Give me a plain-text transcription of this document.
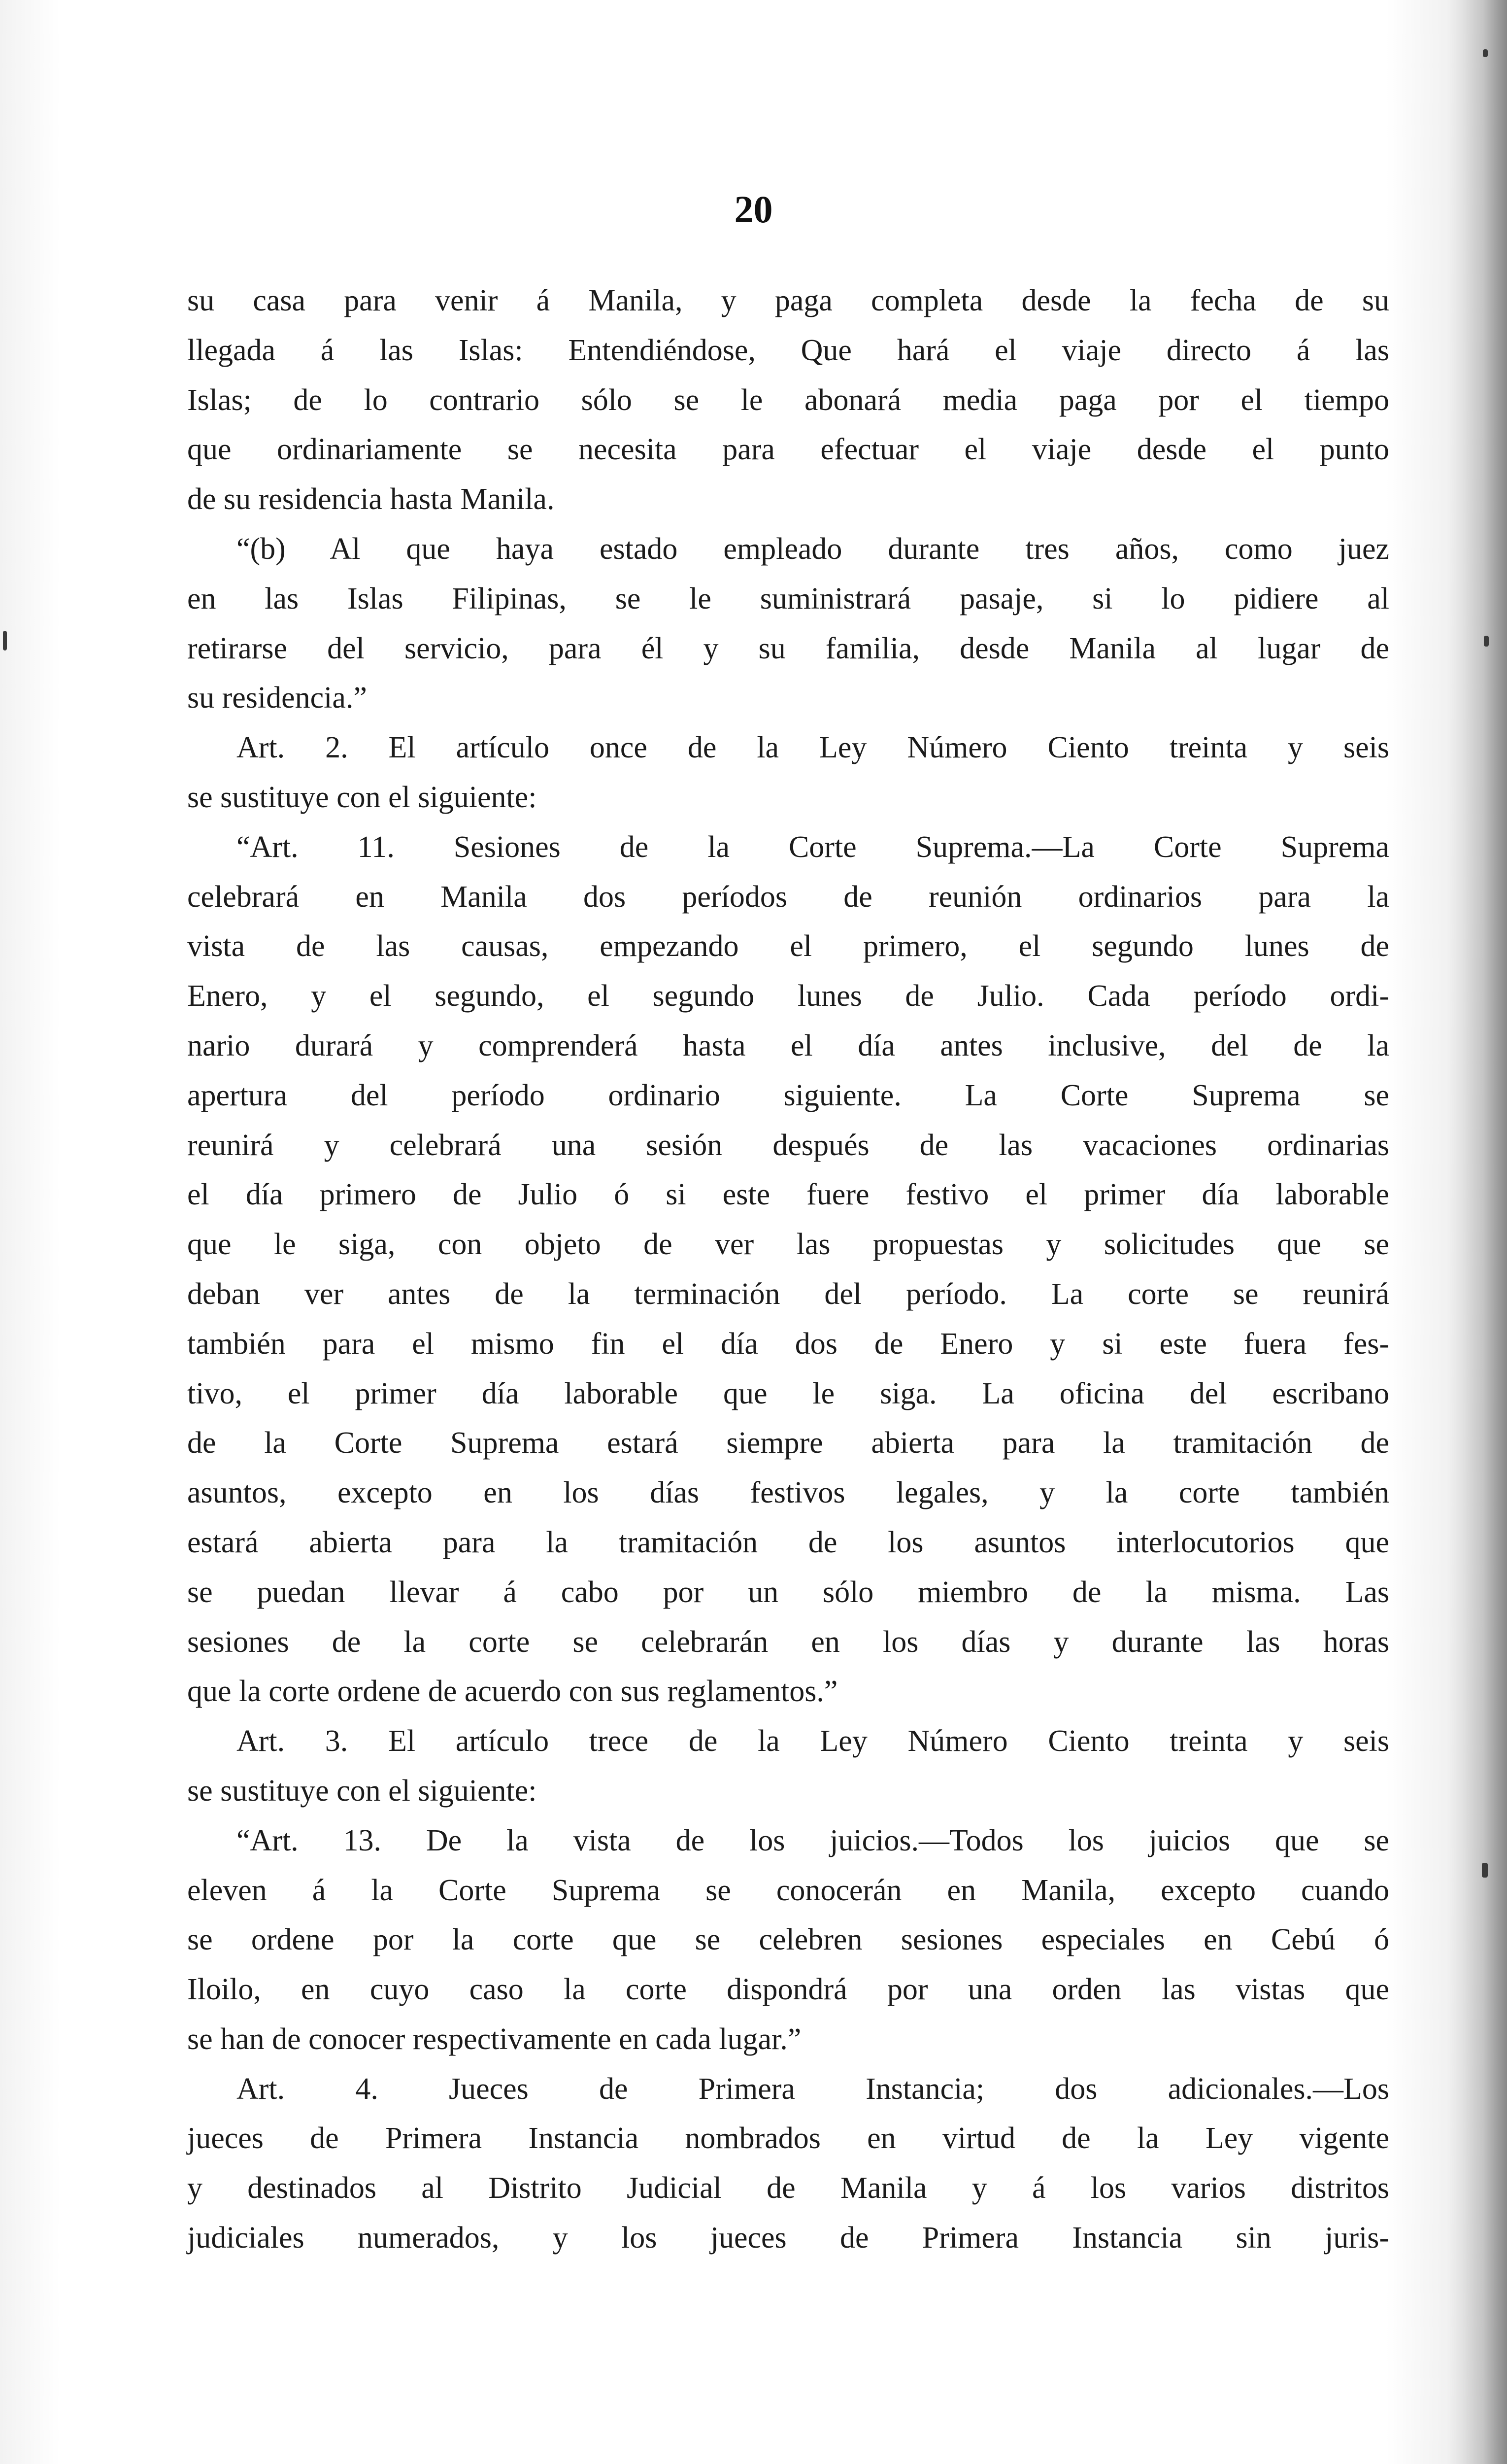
20
su casa para venir á Manila, y paga completa desde la fecha de su
llegada á las Islas: Entendiéndose, Que hará el viaje directo á las
Islas; de lo contrario sólo se le abonará media paga por el tiempo
que ordinariamente se necesita para efectuar el viaje desde el punto
de su residencia hasta Manila.
“(b) Al que haya estado empleado durante tres años, como juez
en las Islas Filipinas, se le suministrará pasaje, si lo pidiere al
retirarse del servicio, para él y su familia, desde Manila al lugar de
su residencia.”
Art. 2. El artículo once de la Ley Número Ciento treinta y seis
se sustituye con el siguiente:
“Art. 11. Sesiones de la Corte Suprema.—La Corte Suprema
celebrará en Manila dos períodos de reunión ordinarios para la
vista de las causas, empezando el primero, el segundo lunes de
Enero, y el segundo, el segundo lunes de Julio. Cada período ordi-
nario durará y comprenderá hasta el día antes inclusive, del de la
apertura del período ordinario siguiente. La Corte Suprema se
reunirá y celebrará una sesión después de las vacaciones ordinarias
el día primero de Julio ó si este fuere festivo el primer día laborable
que le siga, con objeto de ver las propuestas y solicitudes que se
deban ver antes de la terminación del período. La corte se reunirá
también para el mismo fin el día dos de Enero y si este fuera fes-
tivo, el primer día laborable que le siga. La oficina del escribano
de la Corte Suprema estará siempre abierta para la tramitación de
asuntos, excepto en los días festivos legales, y la corte también
estará abierta para la tramitación de los asuntos interlocutorios que
se puedan llevar á cabo por un sólo miembro de la misma. Las
sesiones de la corte se celebrarán en los días y durante las horas
que la corte ordene de acuerdo con sus reglamentos.”
Art. 3. El artículo trece de la Ley Número Ciento treinta y seis
se sustituye con el siguiente:
“Art. 13. De la vista de los juicios.—Todos los juicios que se
eleven á la Corte Suprema se conocerán en Manila, excepto cuando
se ordene por la corte que se celebren sesiones especiales en Cebú ó
Iloilo, en cuyo caso la corte dispondrá por una orden las vistas que
se han de conocer respectivamente en cada lugar.”
Art. 4. Jueces de Primera Instancia; dos adicionales.—Los
jueces de Primera Instancia nombrados en virtud de la Ley vigente
y destinados al Distrito Judicial de Manila y á los varios distritos
judiciales numerados, y los jueces de Primera Instancia sin juris-
